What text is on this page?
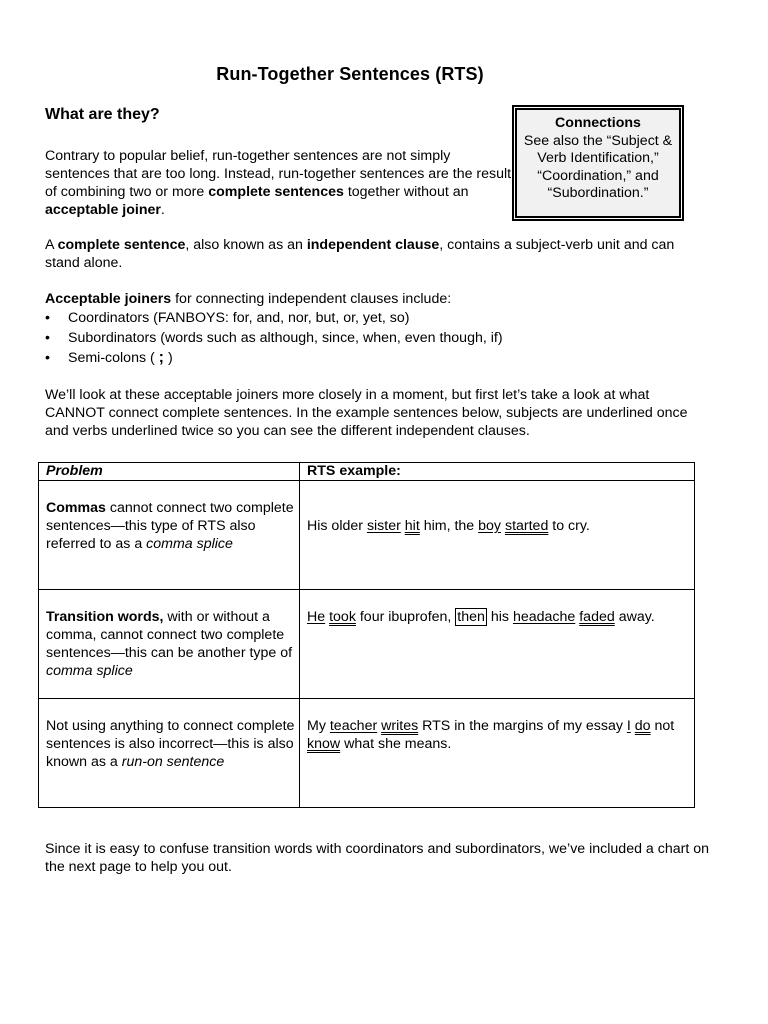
Run-Together Sentences (RTS)
What are they?
Contrary to popular belief, run-together sentences are not simply sentences that are too long. Instead, run-together sentences are the result of combining two or more complete sentences together without an acceptable joiner.
Connections
See also the “Subject & Verb Identification,” “Coordination,” and “Subordination.”
A complete sentence, also known as an independent clause, contains a subject-verb unit and can stand alone.
Acceptable joiners for connecting independent clauses include:
• Coordinators (FANBOYS: for, and, nor, but, or, yet, so)
• Subordinators (words such as although, since, when, even though, if)
• Semi-colons ( ; )
We’ll look at these acceptable joiners more closely in a moment, but first let’s take a look at what CANNOT connect complete sentences. In the example sentences below, subjects are underlined once and verbs underlined twice so you can see the different independent clauses.
Problem	RTS example:

Commas cannot connect two complete sentences—this type of RTS also referred to as a comma splice	His older sister hit him, the boy started to cry.

Transition words, with or without a comma, cannot connect two complete sentences—this can be another type of comma splice	He took four ibuprofen, then his headache faded away.

Not using anything to connect complete sentences is also incorrect—this is also known as a run-on sentence	My teacher writes RTS in the margins of my essay I do not know what she means.
Since it is easy to confuse transition words with coordinators and subordinators, we’ve included a chart on the next page to help you out.
